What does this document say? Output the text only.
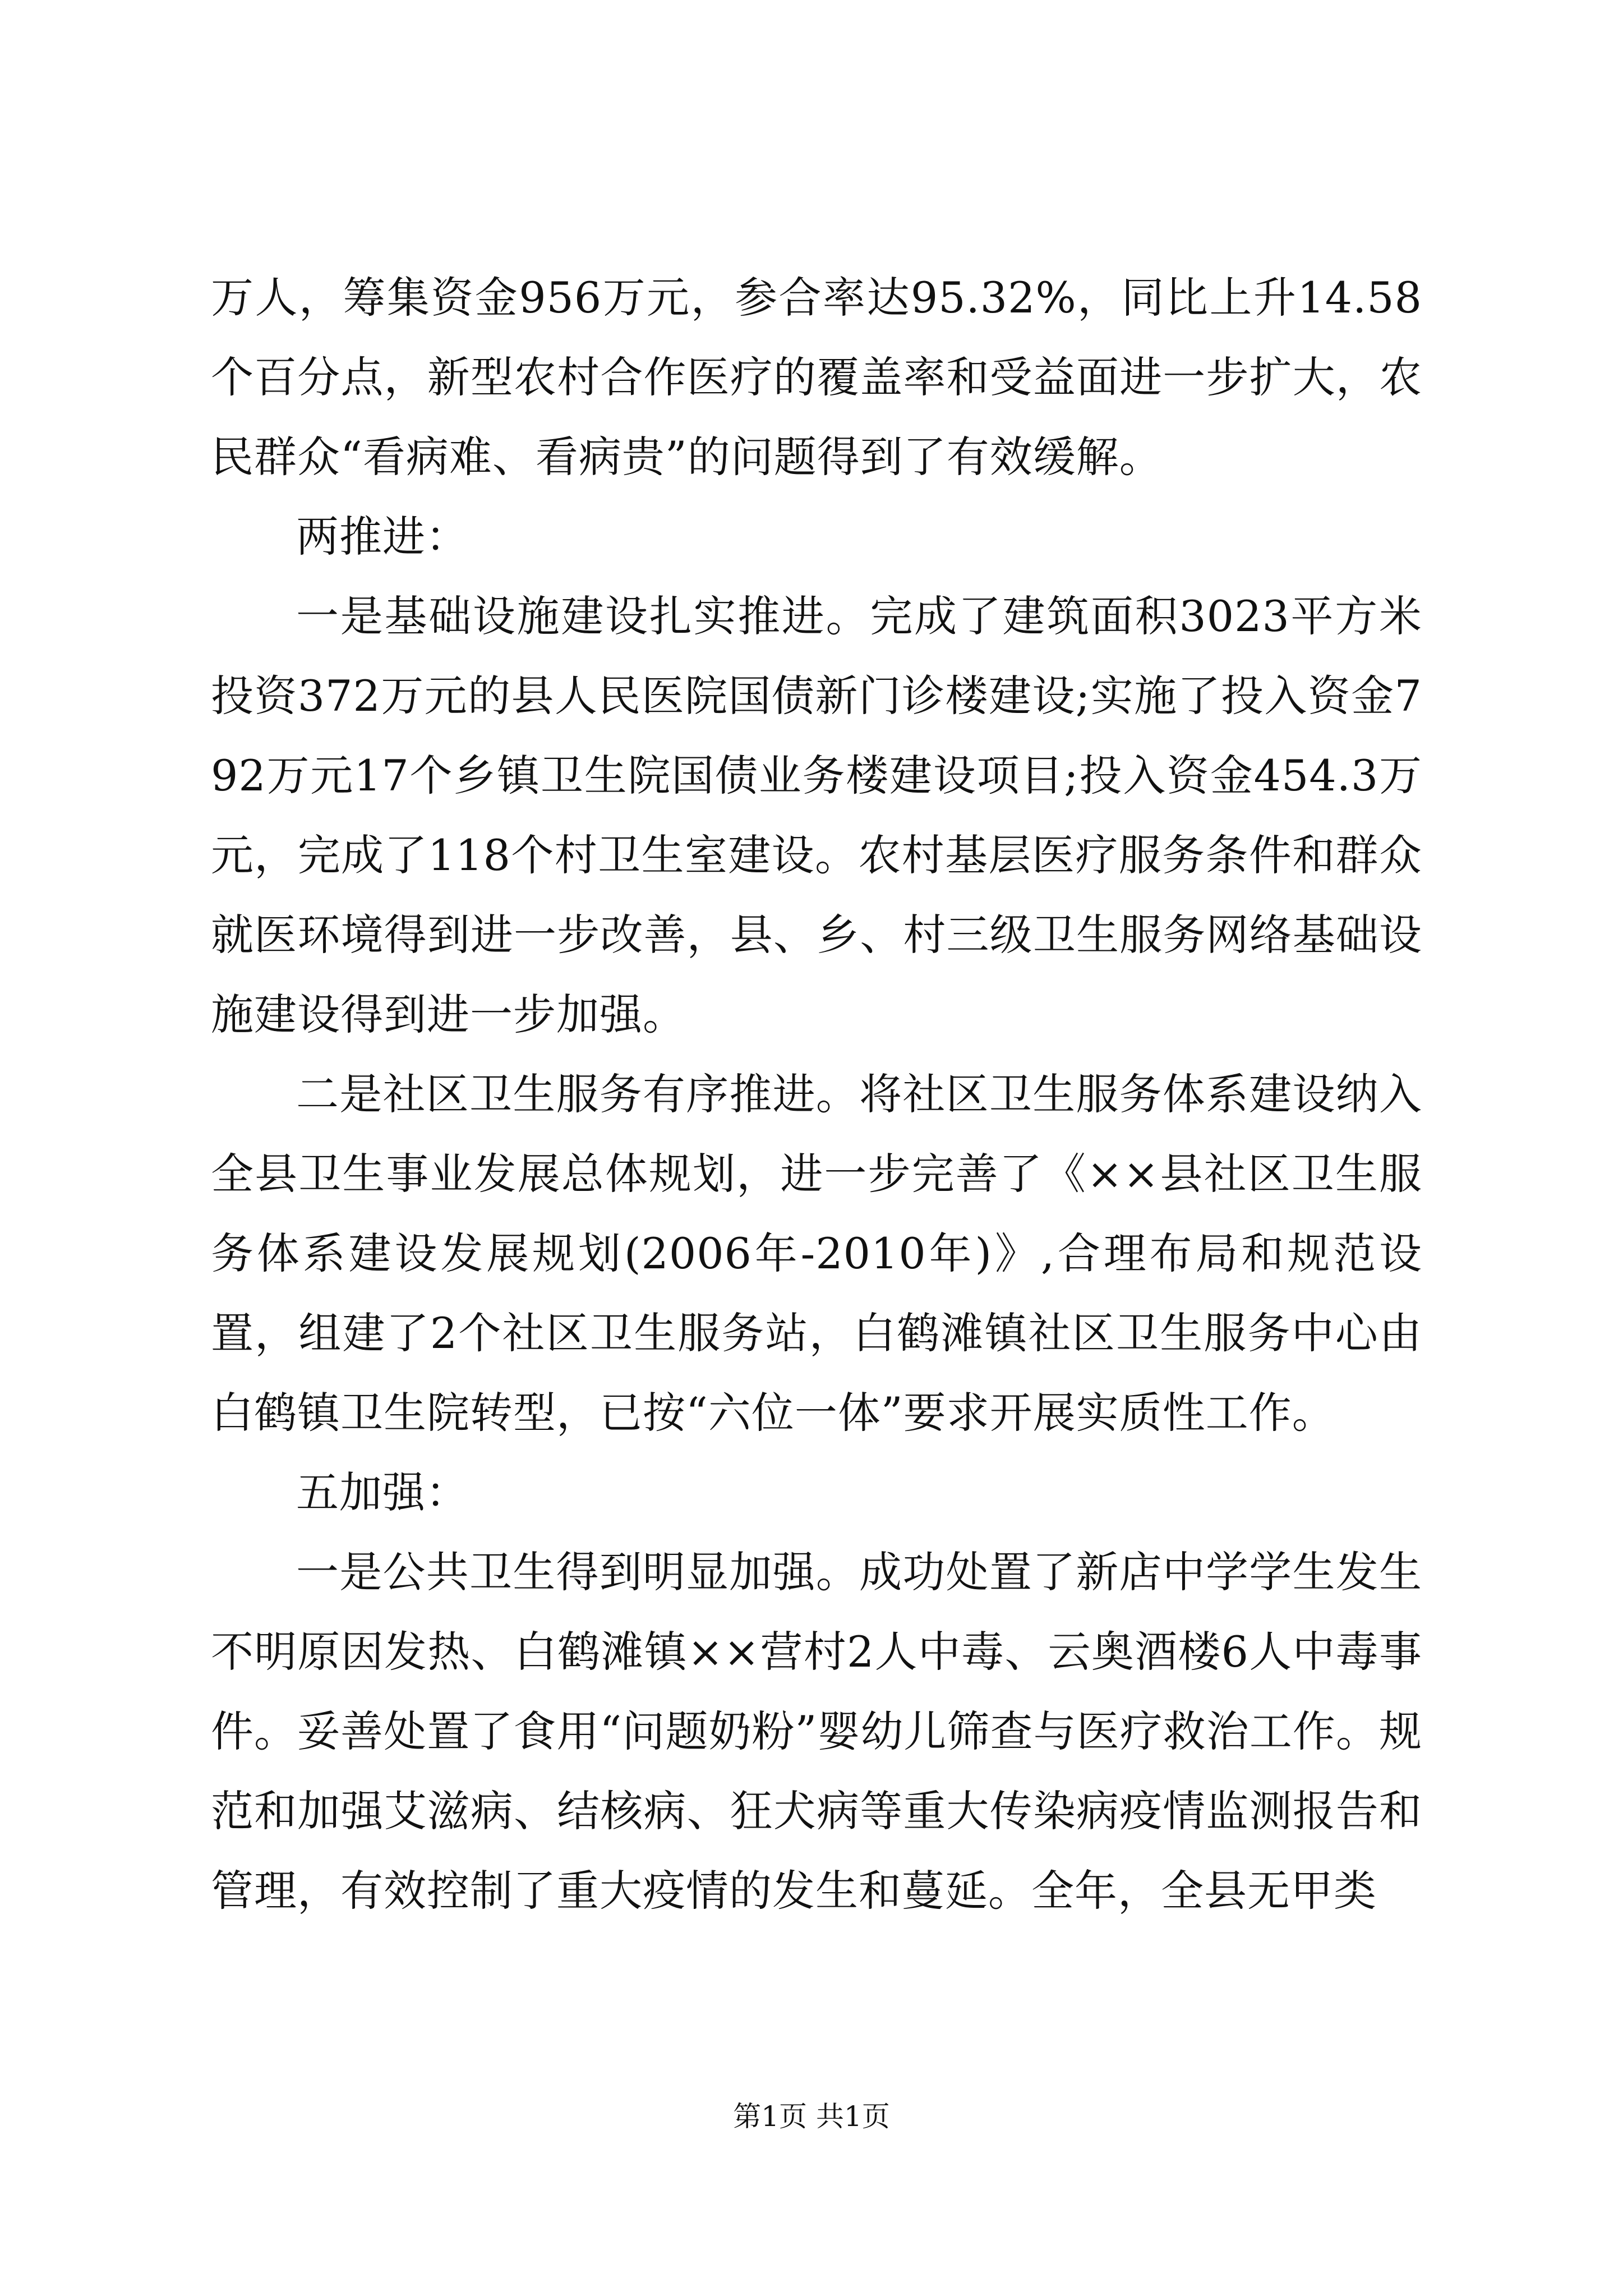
万人，筹集资金956万元，参合率达95.32%，同比上升14.58个百分点，新型农村合作医疗的覆盖率和受益面进一步扩大，农民群众“看病难、看病贵”的问题得到了有效缓解。

两推进：

一是基础设施建设扎实推进。完成了建筑面积3023平方米投资372万元的县人民医院国债新门诊楼建设;实施了投入资金792万元17个乡镇卫生院国债业务楼建设项目;投入资金454.3万元，完成了118个村卫生室建设。农村基层医疗服务条件和群众就医环境得到进一步改善，县、乡、村三级卫生服务网络基础设施建设得到进一步加强。

二是社区卫生服务有序推进。将社区卫生服务体系建设纳入全县卫生事业发展总体规划，进一步完善了《××县社区卫生服务体系建设发展规划(2006年-2010年)》,合理布局和规范设置，组建了2个社区卫生服务站，白鹤滩镇社区卫生服务中心由白鹤镇卫生院转型，已按“六位一体”要求开展实质性工作。

五加强：

一是公共卫生得到明显加强。成功处置了新店中学学生发生不明原因发热、白鹤滩镇××营村2人中毒、云奥酒楼6人中毒事件。妥善处置了食用“问题奶粉”婴幼儿筛查与医疗救治工作。规范和加强艾滋病、结核病、狂犬病等重大传染病疫情监测报告和管理，有效控制了重大疫情的发生和蔓延。全年，全县无甲类

第1页 共1页
